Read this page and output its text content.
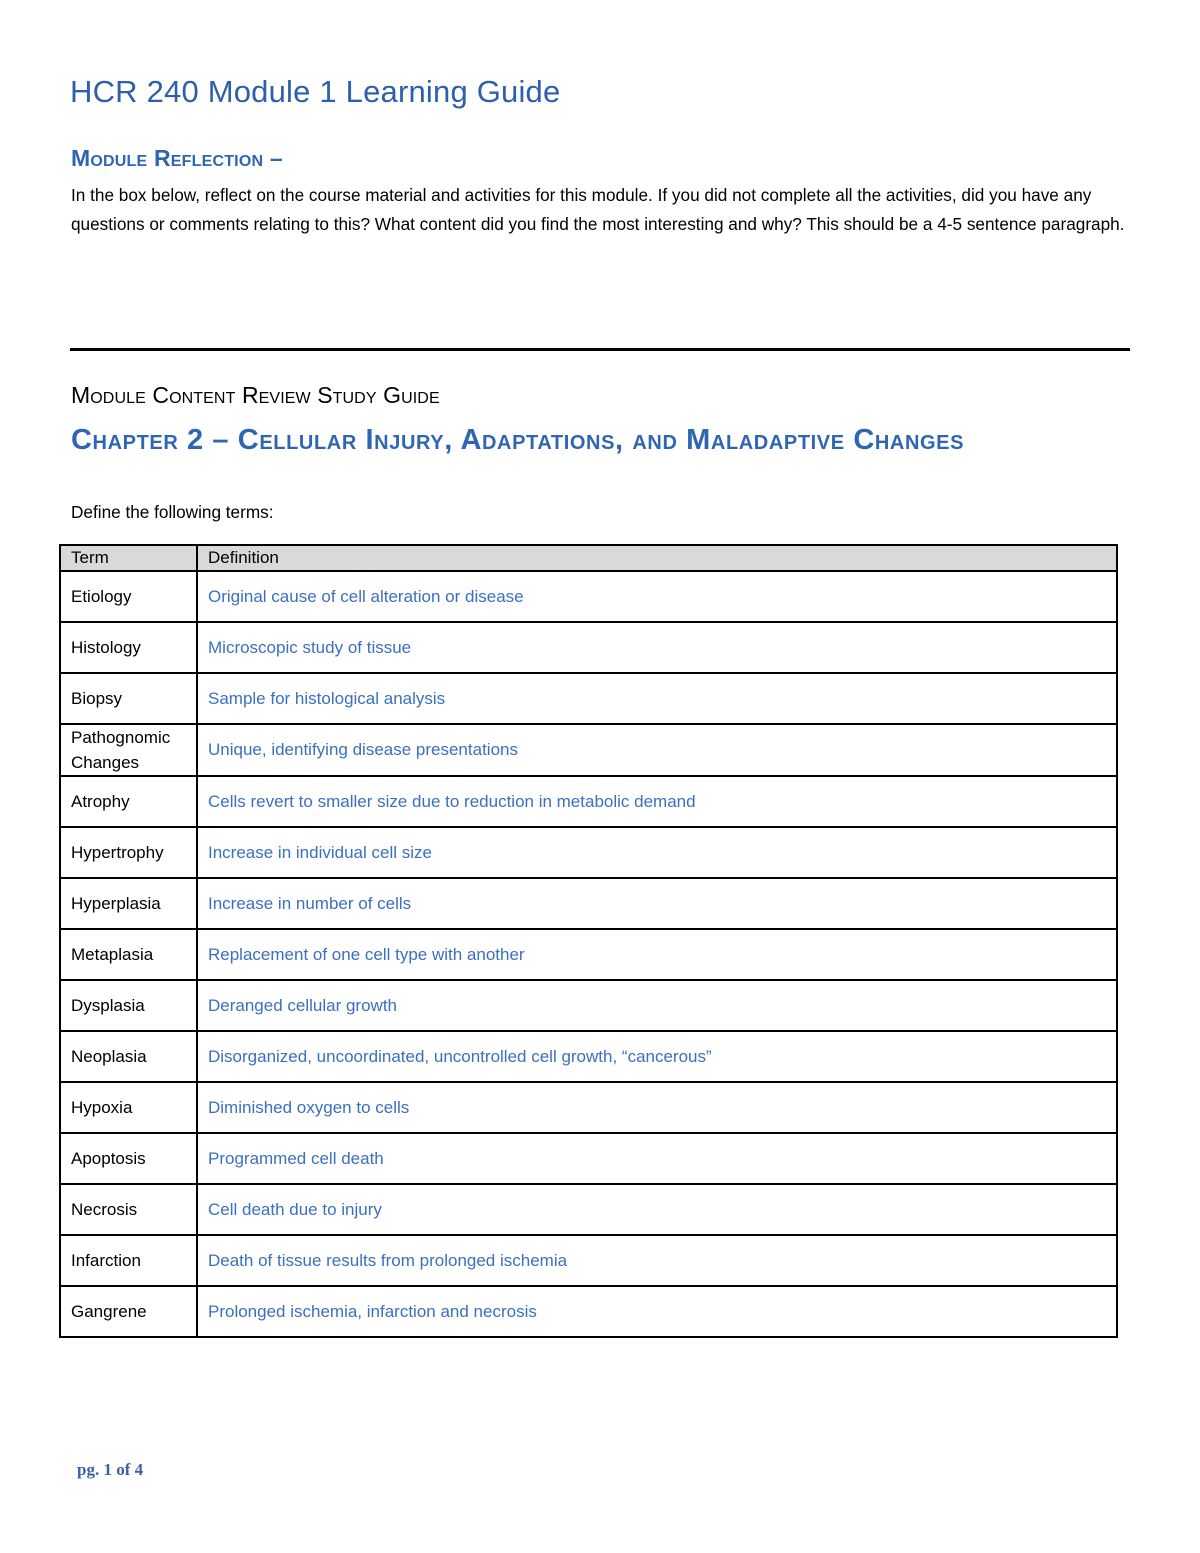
HCR 240 Module 1 Learning Guide
Module Reflection –
In the box below, reflect on the course material and activities for this module. If you did not complete all the activities, did you have any questions or comments relating to this? What content did you find the most interesting and why? This should be a 4-5 sentence paragraph.
Module Content Review Study Guide
Chapter 2 – Cellular Injury, Adaptations, and Maladaptive Changes
Define the following terms:
Term	Definition
Etiology	Original cause of cell alteration or disease
Histology	Microscopic study of tissue
Biopsy	Sample for histological analysis
Pathognomic Changes	Unique, identifying disease presentations
Atrophy	Cells revert to smaller size due to reduction in metabolic demand
Hypertrophy	Increase in individual cell size
Hyperplasia	Increase in number of cells
Metaplasia	Replacement of one cell type with another
Dysplasia	Deranged cellular growth
Neoplasia	Disorganized, uncoordinated, uncontrolled cell growth, “cancerous”
Hypoxia	Diminished oxygen to cells
Apoptosis	Programmed cell death
Necrosis	Cell death due to injury
Infarction	Death of tissue results from prolonged ischemia
Gangrene	Prolonged ischemia, infarction and necrosis
pg. 1 of 4
